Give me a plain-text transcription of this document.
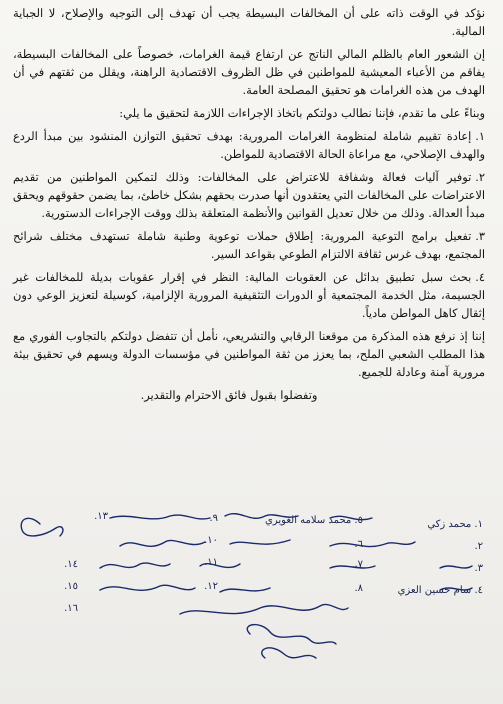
نؤكد في الوقت ذاته على أن المخالفات البسيطة يجب أن تهدف إلى التوجيه والإصلاح، لا الجباية المالية.

إن الشعور العام بالظلم المالي الناتج عن ارتفاع قيمة الغرامات، خصوصاً على المخالفات البسيطة، يفاقم من الأعباء المعيشية للمواطنين في ظل الظروف الاقتصادية الراهنة، ويقلل من ثقتهم في أن الهدف من هذه الغرامات هو تحقيق المصلحة العامة.

وبناءً على ما تقدم، فإننا نطالب دولتكم باتخاذ الإجراءات اللازمة لتحقيق ما يلي:

١.إعادة تقييم شاملة لمنظومة الغرامات المرورية: بهدف تحقيق التوازن المنشود بين مبدأ الردع والهدف الإصلاحي، مع مراعاة الحالة الاقتصادية للمواطن.

٢.توفير آليات فعالة وشفافة للاعتراض على المخالفات: وذلك لتمكين المواطنين من تقديم الاعتراضات على المخالفات التي يعتقدون أنها صدرت بحقهم بشكل خاطئ، بما يضمن حقوقهم ويحقق مبدأ العدالة. وذلك من خلال تعديل القوانين والأنظمة المتعلقة بذلك ووقت الإجراءات الدستورية.

٣.تفعيل برامج التوعية المرورية: إطلاق حملات توعوية وطنية شاملة تستهدف مختلف شرائح المجتمع، بهدف غرس ثقافة الالتزام الطوعي بقواعد السير.

٤.بحث سبل تطبيق بدائل عن العقوبات المالية: النظر في إقرار عقوبات بديلة للمخالفات غير الجسيمة، مثل الخدمة المجتمعية أو الدورات التثقيفية المرورية الإلزامية، كوسيلة لتعزيز الوعي دون إثقال كاهل المواطن مادياً.

إننا إذ نرفع هذه المذكرة من موقعنا الرقابي والتشريعي، نأمل أن تتفضل دولتكم بالتجاوب الفوري مع هذا المطلب الشعبي الملح، بما يعزز من ثقة المواطنين في مؤسسات الدولة ويسهم في تحقيق بيئة مرورية آمنة وعادلة للجميع.

وتفضلوا بقبول فائق الاحترام والتقدير.

١. محمد زكي
٥. محمد سلامه الغويري
٩.
١٣.
٢.
٦.
١٠.
١٤.	٣.
٧.
١١.
١٥.	٤. سام حسين العزي
٨.
١٢.
١٦.
